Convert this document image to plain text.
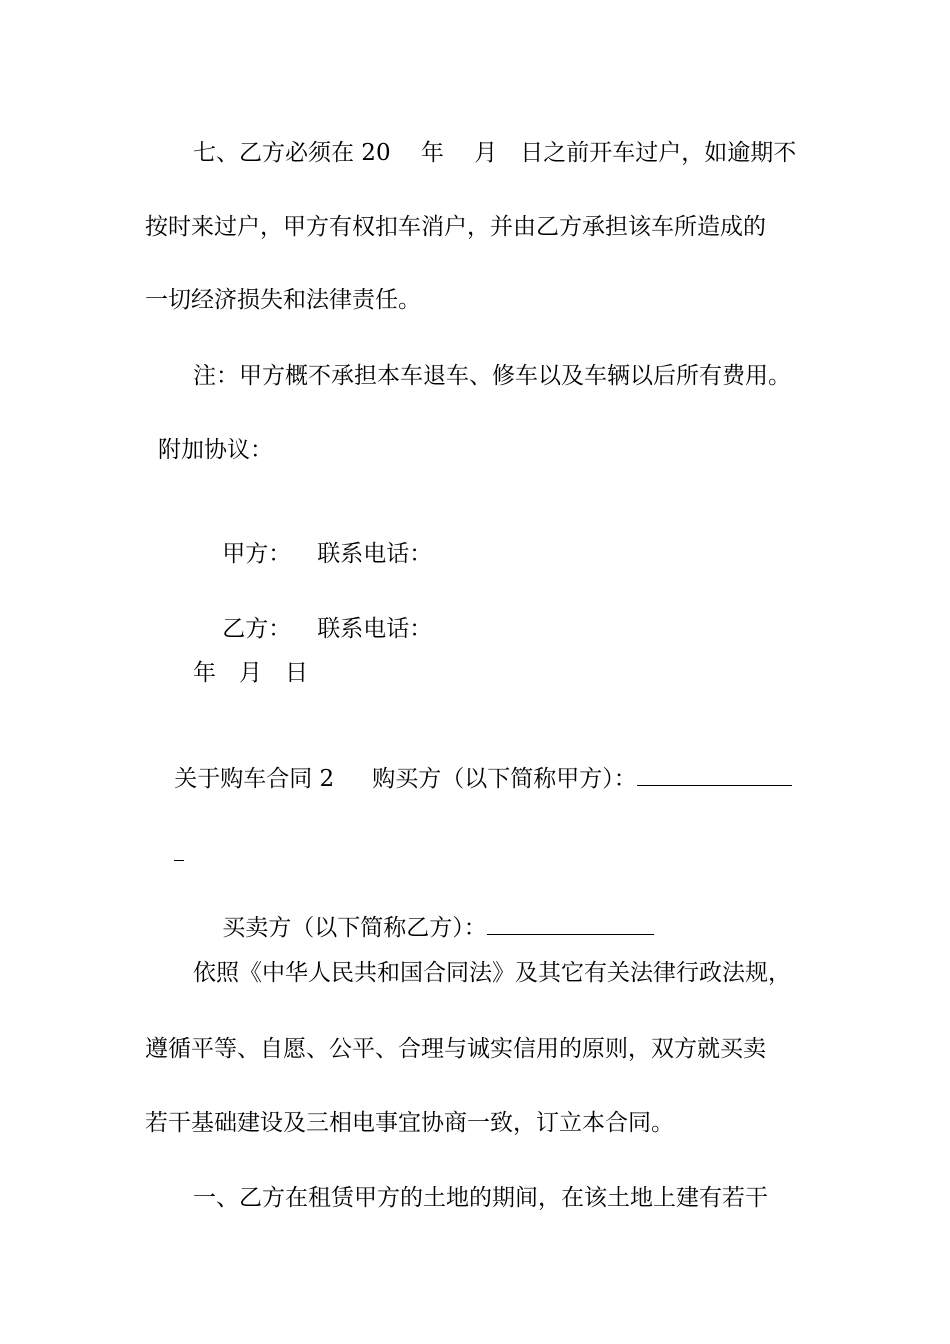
七、乙方必须在 20　 年　 月　日之前开车过户，如逾期不
按时来过户，甲方有权扣车消户，并由乙方承担该车所造成的
一切经济损失和法律责任。
注：甲方概不承担本车退车、修车以及车辆以后所有费用。
附加协议：

甲方： 联系电话：

乙方： 联系电话：

年　月　日

关于购车合同 2 购买方（以下简称甲方）：

买卖方（以下简称乙方）：

依照《中华人民共和国合同法》及其它有关法律行政法规，
遵循平等、自愿、公平、合理与诚实信用的原则，双方就买卖
若干基础建设及三相电事宜协商一致，订立本合同。
一、乙方在租赁甲方的土地的期间，在该土地上建有若干
